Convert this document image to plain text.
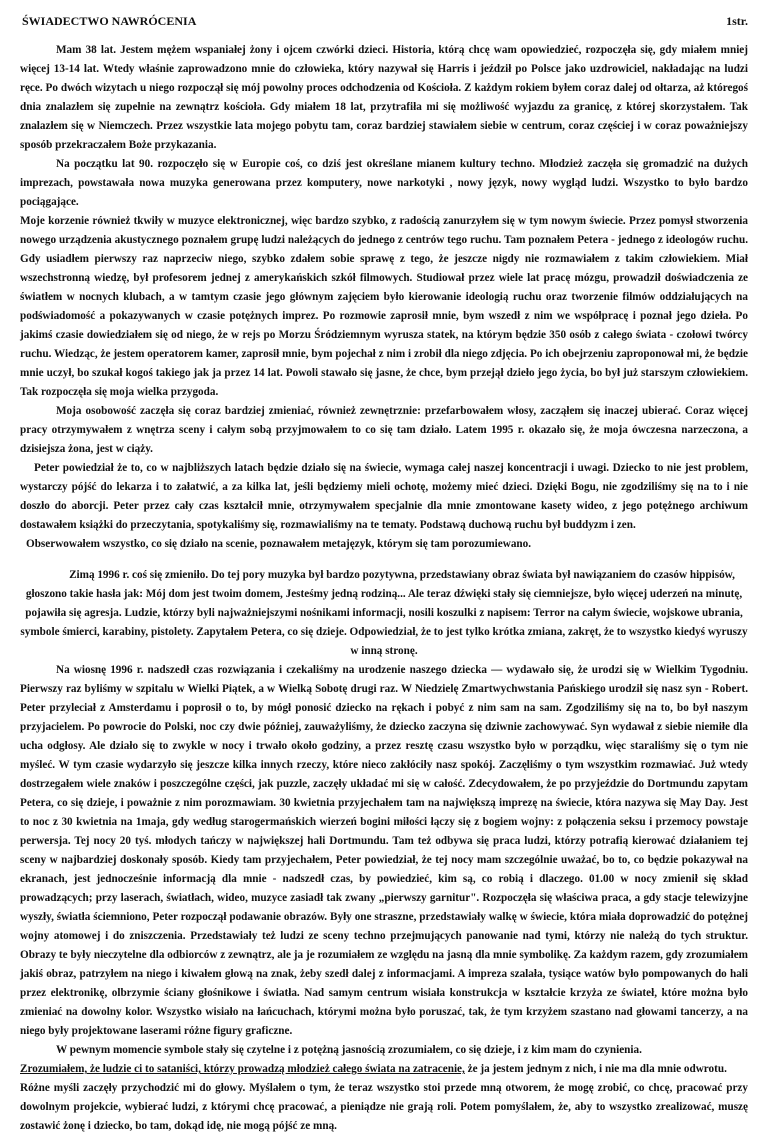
ŚWIADECTWO NAWRÓCENIA	1str.

Mam 38 lat. Jestem mężem wspaniałej żony i ojcem czwórki dzieci. Historia, którą chcę wam opowiedzieć, rozpoczęła się, gdy miałem mniej więcej 13-14 lat. Wtedy właśnie zaprowadzono mnie do człowieka, który nazywał się Harris i jeździł po Polsce jako uzdrowiciel, nakładając na ludzi ręce. Po dwóch wizytach u niego rozpoczął się mój powolny proces odchodzenia od Kościoła. Z każdym rokiem byłem coraz dalej od ołtarza, aż któregoś dnia znalazłem się zupełnie na zewnątrz kościoła. Gdy miałem 18 lat, przytrafiła mi się możliwość wyjazdu za granicę, z której skorzystałem. Tak znalazłem się w Niemczech. Przez wszystkie lata mojego pobytu tam, coraz bardziej stawiałem siebie w centrum, coraz częściej i w coraz poważniejszy sposób przekraczałem Boże przykazania.

Na początku lat 90. rozpoczęło się w Europie coś, co dziś jest określane mianem kultury techno. Młodzież zaczęła się gromadzić na dużych imprezach, powstawała nowa muzyka generowana przez komputery, nowe narkotyki , nowy język, nowy wygląd ludzi. Wszystko to było bardzo pociągające.

Moje korzenie również tkwiły w muzyce elektronicznej, więc bardzo szybko, z radością zanurzyłem się w tym nowym świecie. Przez pomysł stworzenia nowego urządzenia akustycznego poznałem grupę ludzi należących do jednego z centrów tego ruchu. Tam poznałem Petera - jednego z ideologów ruchu. Gdy usiadłem pierwszy raz naprzeciw niego, szybko zdałem sobie sprawę z tego, że jeszcze nigdy nie rozmawiałem z takim człowiekiem. Miał wszechstronną wiedzę, był profesorem jednej z amerykańskich szkół filmowych. Studiował przez wiele lat pracę mózgu, prowadził doświadczenia ze światłem w nocnych klubach, a w tamtym czasie jego głównym zajęciem było kierowanie ideologią ruchu oraz tworzenie filmów oddziałujących na podświadomość a pokazywanych w czasie potężnych imprez. Po rozmowie zaprosił mnie, bym wszedł z nim we współpracę i poznał jego dzieła. Po jakimś czasie dowiedziałem się od niego, że w rejs po Morzu Śródziemnym wyrusza statek, na którym będzie 350 osób z całego świata - czołowi twórcy ruchu. Wiedząc, że jestem operatorem kamer, zaprosił mnie, bym pojechał z nim i zrobił dla niego zdjęcia. Po ich obejrzeniu zaproponował mi, że będzie mnie uczył, bo szukał kogoś takiego jak ja przez 14 lat. Powoli stawało się jasne, że chce, bym przejął dzieło jego życia, bo był już starszym człowiekiem. Tak rozpoczęła się moja wielka przygoda.

Moja osobowość zaczęła się coraz bardziej zmieniać, również zewnętrznie: przefarbowałem włosy, zacząłem się inaczej ubierać. Coraz więcej pracy otrzymywałem z wnętrza sceny i całym sobą przyjmowałem to co się tam działo. Latem 1995 r. okazało się, że moja ówczesna narzeczona, a dzisiejsza żona, jest w ciąży.

Peter powiedział że to, co w najbliższych latach będzie działo się na świecie, wymaga całej naszej koncentracji i uwagi. Dziecko to nie jest problem, wystarczy pójść do lekarza i to załatwić, a za kilka lat, jeśli będziemy mieli ochotę, możemy mieć dzieci. Dzięki Bogu, nie zgodziliśmy się na to i nie doszło do aborcji. Peter przez cały czas kształcił mnie, otrzymywałem specjalnie dla mnie zmontowane kasety wideo, z jego potężnego archiwum dostawałem książki do przeczytania, spotykaliśmy się, rozmawialiśmy na te tematy. Podstawą duchową ruchu był buddyzm i zen.

Obserwowałem wszystko, co się działo na scenie, poznawałem metajęzyk, którym się tam porozumiewano.

Zimą 1996 r. coś się zmieniło. Do tej pory muzyka był bardzo pozytywna, przedstawiany obraz świata był nawiązaniem do czasów hippisów, głoszono takie hasła jak: Mój dom jest twoim domem, Jesteśmy jedną rodziną... Ale teraz dźwięki stały się ciemniejsze, było więcej uderzeń na minutę, pojawiła się agresja. Ludzie, którzy byli najważniejszymi nośnikami informacji, nosili koszulki z napisem: Terror na całym świecie, wojskowe ubrania, symbole śmierci, karabiny, pistolety. Zapytałem Petera, co się dzieje. Odpowiedział, że to jest tylko krótka zmiana, zakręt, że to wszystko kiedyś wyruszy w inną stronę.

Na wiosnę 1996 r. nadszedł czas rozwiązania i czekaliśmy na urodzenie naszego dziecka — wydawało się, że urodzi się w Wielkim Tygodniu. Pierwszy raz byliśmy w szpitalu w Wielki Piątek, a w Wielką Sobotę drugi raz. W Niedzielę Zmartwychwstania Pańskiego urodził się nasz syn - Robert. Peter przyleciał z Amsterdamu i poprosił o to, by mógł ponosić dziecko na rękach i pobyć z nim sam na sam. Zgodziliśmy się na to, bo był naszym przyjacielem. Po powrocie do Polski, noc czy dwie później, zauważyliśmy, że dziecko zaczyna się dziwnie zachowywać. Syn wydawał z siebie niemiłe dla ucha odgłosy. Ale działo się to zwykle w nocy i trwało około godziny, a przez resztę czasu wszystko było w porządku, więc staraliśmy się o tym nie myśleć. W tym czasie wydarzyło się jeszcze kilka innych rzeczy, które nieco zakłóciły nasz spokój. Zaczęliśmy o tym wszystkim rozmawiać. Już wtedy dostrzegałem wiele znaków i poszczególne części, jak puzzle, zaczęły układać mi się w całość. Zdecydowałem, że po przyjeździe do Dortmundu zapytam Petera, co się dzieje, i poważnie z nim porozmawiam. 30 kwietnia przyjechałem tam na największą imprezę na świecie, która nazywa się May Day. Jest to noc z 30 kwietnia na 1maja, gdy według starogermańskich wierzeń bogini miłości łączy się z bogiem wojny: z połączenia seksu i przemocy powstaje perwersja. Tej nocy 20 tyś. młodych tańczy w największej hali Dortmundu. Tam też odbywa się praca ludzi, którzy potrafią kierować działaniem tej sceny w najbardziej doskonały sposób. Kiedy tam przyjechałem, Peter powiedział, że tej nocy mam szczególnie uważać, bo to, co będzie pokazywał na ekranach, jest jednocześnie informacją dla mnie - nadszedł czas, by powiedzieć, kim są, co robią i dlaczego. 01.00 w nocy zmienił się skład prowadzących; przy laserach, światłach, wideo, muzyce zasiadł tak zwany „pierwszy garnitur". Rozpoczęła się właściwa praca, a gdy stacje telewizyjne wyszły, światła ściemniono, Peter rozpoczął podawanie obrazów. Były one straszne, przedstawiały walkę w świecie, która miała doprowadzić do potężnej wojny atomowej i do zniszczenia. Przedstawiały też ludzi ze sceny techno przejmujących panowanie nad tymi, którzy nie należą do tych struktur. Obrazy te były nieczytelne dla odbiorców z zewnątrz, ale ja je rozumiałem ze względu na jasną dla mnie symbolikę. Za każdym razem, gdy zrozumiałem jakiś obraz, patrzyłem na niego i kiwałem głową na znak, żeby szedł dalej z informacjami. A impreza szalała, tysiące watów było pompowanych do hali przez elektronikę, olbrzymie ściany głośnikowe i światła. Nad samym centrum wisiała konstrukcja w kształcie krzyża ze świateł, które można było zmieniać na dowolny kolor. Wszystko wisiało na łańcuchach, którymi można było poruszać, tak, że tym krzyżem szastano nad głowami tancerzy, a na niego były projektowane laserami różne figury graficzne.

W pewnym momencie symbole stały się czytelne i z potężną jasnością zrozumiałem, co się dzieje, i z kim mam do czynienia.

Zrozumiałem, że ludzie ci to sataniści, którzy prowadzą młodzież całego świata na zatracenie, że ja jestem jednym z nich, i nie ma dla mnie odwrotu.

Różne myśli zaczęły przychodzić mi do głowy. Myślałem o tym, że teraz wszystko stoi przede mną otworem, że mogę zrobić, co chcę, pracować przy dowolnym projekcie, wybierać ludzi, z którymi chcę pracować, a pieniądze nie grają roli. Potem pomyślałem, że, aby to wszystko zrealizować, muszę zostawić żonę i dziecko, bo tam, dokąd idę, nie mogą pójść ze mną.
